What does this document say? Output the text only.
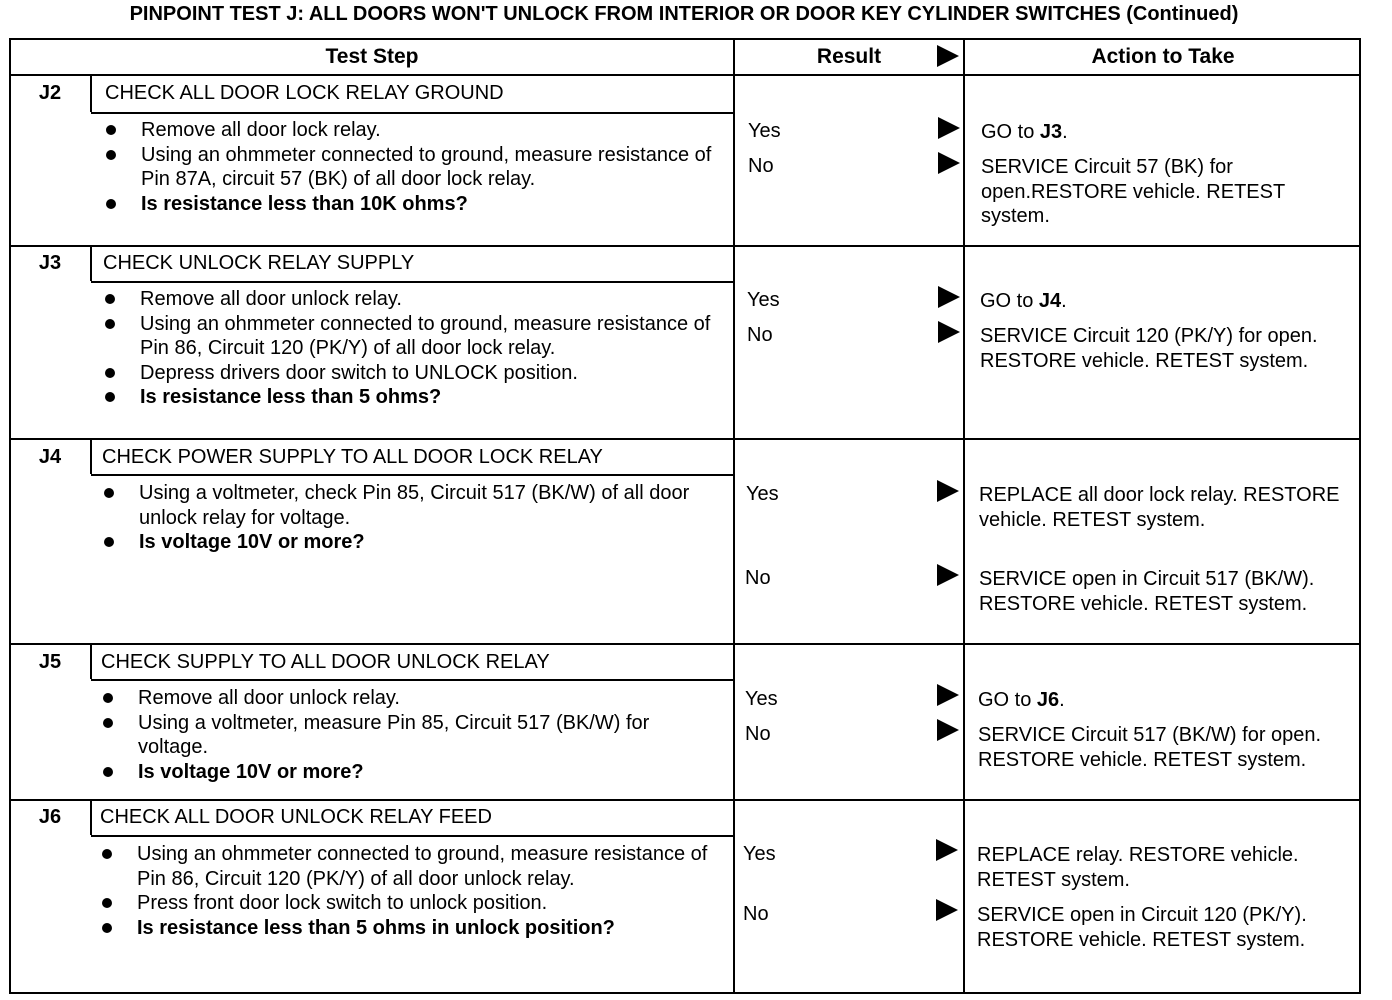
PINPOINT TEST J: ALL DOORS WON'T UNLOCK FROM INTERIOR OR DOOR KEY CYLINDER SWITCHES (Continued)
Test Step	Result	Action to Take
J2	CHECK ALL DOOR LOCK RELAY GROUND
Remove all door lock relay.
Using an ohmmeter connected to ground, measure resistance of Pin 87A, circuit 57 (BK) of all door lock relay.
Is resistance less than 10K ohms?
Yes	GO to J3.
No	SERVICE Circuit 57 (BK) for open.RESTORE vehicle. RETEST system.
J3	CHECK UNLOCK RELAY SUPPLY
Remove all door unlock relay.
Using an ohmmeter connected to ground, measure resistance of Pin 86, Circuit 120 (PK/Y) of all door lock relay.
Depress drivers door switch to UNLOCK position.
Is resistance less than 5 ohms?
Yes	GO to J4.
No	SERVICE Circuit 120 (PK/Y) for open. RESTORE vehicle. RETEST system.
J4	CHECK POWER SUPPLY TO ALL DOOR LOCK RELAY
Using a voltmeter, check Pin 85, Circuit 517 (BK/W) of all door unlock relay for voltage.
Is voltage 10V or more?
Yes	REPLACE all door lock relay. RESTORE vehicle. RETEST system.
No	SERVICE open in Circuit 517 (BK/W). RESTORE vehicle. RETEST system.
J5	CHECK SUPPLY TO ALL DOOR UNLOCK RELAY
Remove all door unlock relay.
Using a voltmeter, measure Pin 85, Circuit 517 (BK/W) for voltage.
Is voltage 10V or more?
Yes	GO to J6.
No	SERVICE Circuit 517 (BK/W) for open. RESTORE vehicle. RETEST system.
J6	CHECK ALL DOOR UNLOCK RELAY FEED
Using an ohmmeter connected to ground, measure resistance of Pin 86, Circuit 120 (PK/Y) of all door unlock relay.
Press front door lock switch to unlock position.
Is resistance less than 5 ohms in unlock position?
Yes	REPLACE relay. RESTORE vehicle. RETEST system.
No	SERVICE open in Circuit 120 (PK/Y). RESTORE vehicle. RETEST system.
